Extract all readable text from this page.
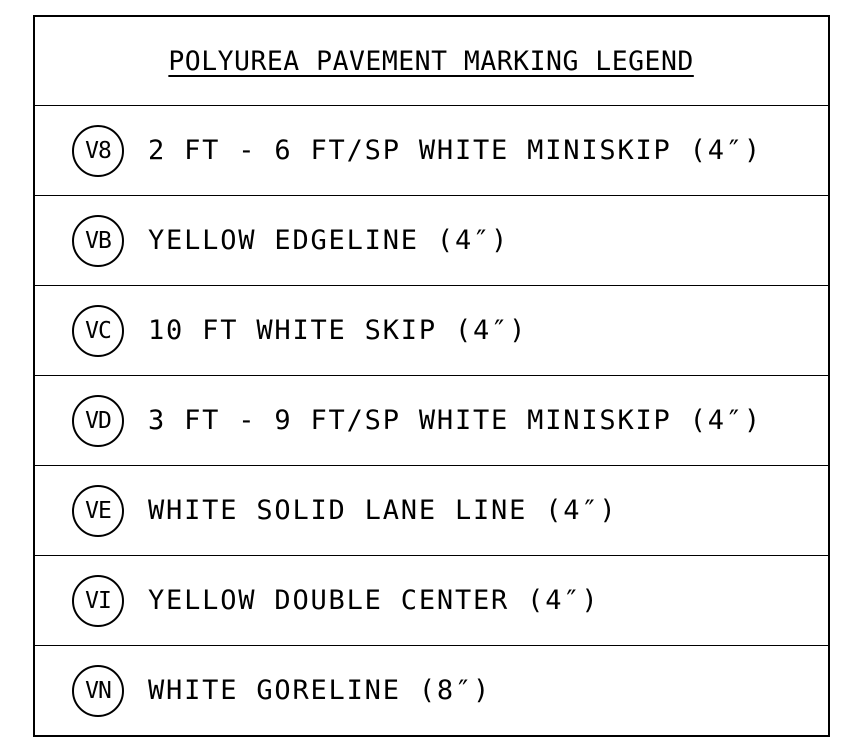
POLYUREA PAVEMENT MARKING LEGEND
V8	2 FT - 6 FT/SP WHITE MINISKIP (4″)
VB	YELLOW EDGELINE (4″)
VC	10 FT WHITE SKIP (4″)
VD	3 FT - 9 FT/SP WHITE MINISKIP (4″)
VE	WHITE SOLID LANE LINE (4″)
VI	YELLOW DOUBLE CENTER (4″)
VN	WHITE GORELINE (8″)
